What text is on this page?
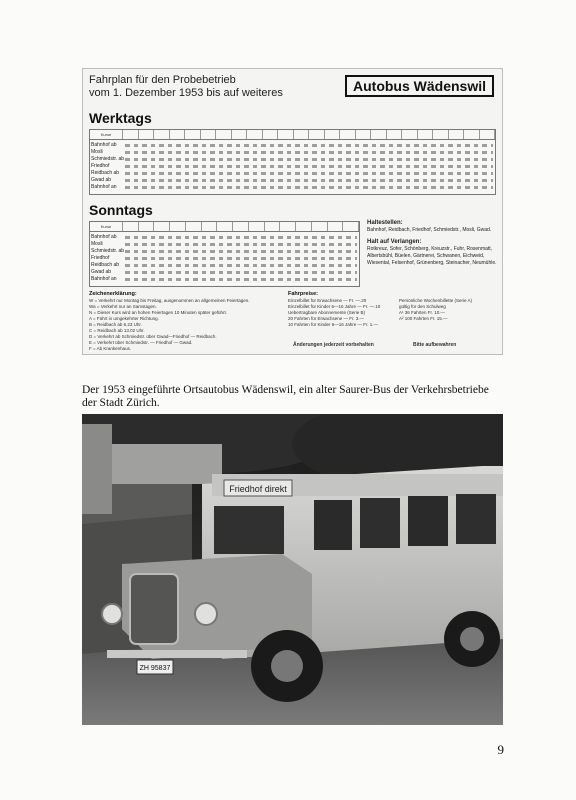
Fahrplan für den Probebetrieb
vom 1. Dezember 1953 bis auf weiteres	Autobus Wädenswil
Werktags
Kurse
Bahnhof ab
Mosli
Schmiedstr. ab
Friedhof
Reidbach ab
Gwad ab
Bahnhof an
Sonntags
Kurse
Bahnhof ab
Mosli
Schmiedstr. ab
Friedhof
Reidbach ab
Gwad ab
Bahnhof an
Haltestellen:
Bahnhof, Reidbach, Friedhof, Schmiedstr., Mosli, Gwad.
Halt auf Verlangen:
Rotkreuz, Sofer, Schönberg, Kreuzstr., Fuhr, Rosenmatt, Albertsbühl, Büelen, Gärtnerei, Schwanen, Eichweid, Wiesental, Felsenhof, Grünenberg, Steinacher, Neumühle.
Zeichenerklärung:
W = Verkehrt nur Montag bis Freitag, ausgenommen an allgemeinen Feiertagen.
Wa = Verkehrt nur an Samstagen.
N = Dieser Kurs wird an hohen Feiertagen 10 Minuten später geführt.
A = Führt in umgekehrter Richtung.
B = Reidbach ab 6.23 Uhr.
C = Reidbach ab 13.02 Uhr.
D = Verkehrt ab Schmiedstr. über Gwad—Friedhof — Reidbach.
E = Verkehrt über Schmiedstr. — Friedhof — Gwad.
F = Ab Krankenhaus.
Fahrpreise:
Einzelbillet für Erwachsene — Fr. —.20
Einzelbillet für Kinder 6—16 Jahre — Fr. —.10
Uebertragbare Abonnemente (Serie B)
20 Fahrten für Erwachsene — Fr. 3.—
10 Fahrten für Kinder 6—16 Jahre — Fr. 1.—
Persönliche Wochenbillette (Serie A)
gültig für den Schulweg
A¹ 36 Fahrten Fr. 10.—
A² 100 Fahrten Fr. 15.—
Änderungen jederzeit vorbehalten	Bitte aufbewahren
Der 1953 eingeführte Ortsautobus Wädenswil, ein alter Saurer-Bus der Verkehrsbetriebe der Stadt Zürich.
Friedhof direkt
ZH 95837
9
